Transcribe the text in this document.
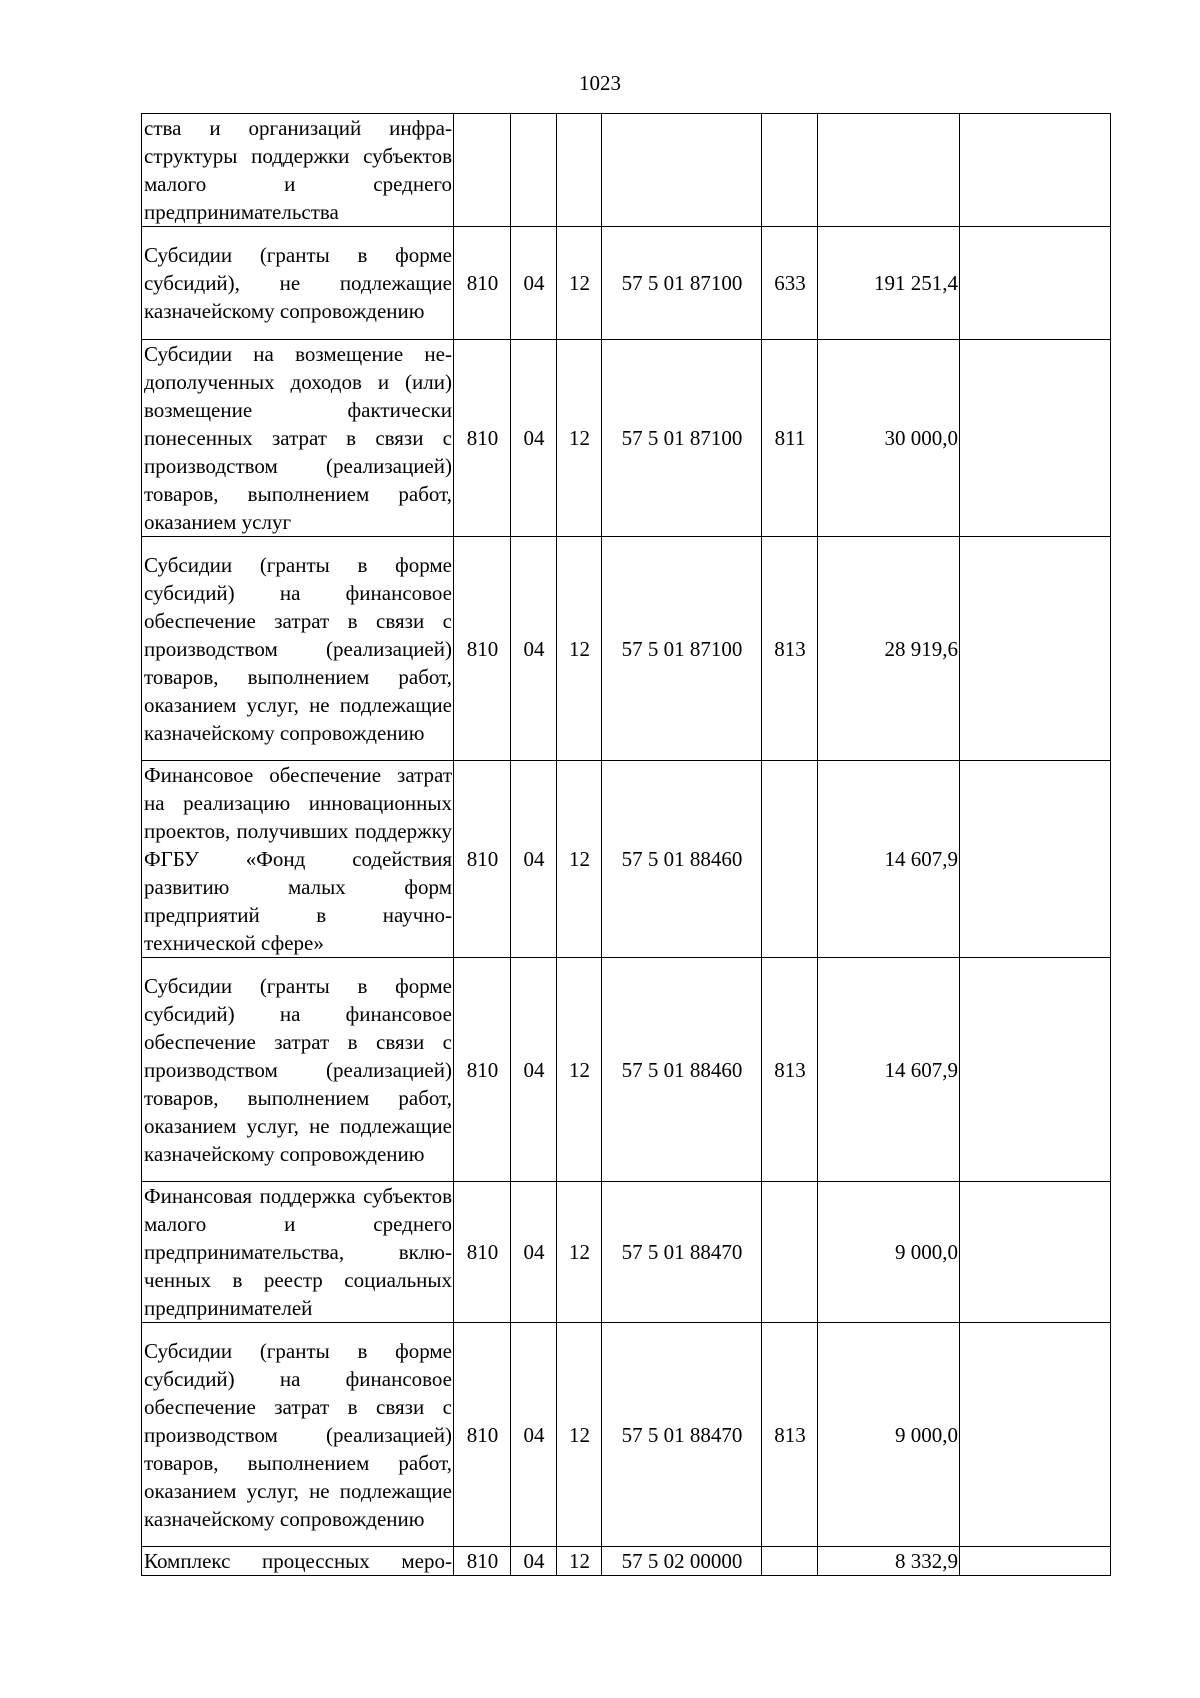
1023
ства и организаций инфраструктуры поддержки субъектов малого и среднего предпринимательства							
Субсидии (гранты в форме субсидий), не подлежащие казначейскому сопровождению	810	04	12	57 5 01 87100	633	191 251,4	
Субсидии на возмещение недополученных доходов и (или) возмещение фактически понесенных затрат в связи с производством (реализацией) товаров, выполнением работ, оказанием услуг	810	04	12	57 5 01 87100	811	30 000,0	
Субсидии (гранты в форме субсидий) на финансовое обеспечение затрат в связи с производством (реализацией) товаров, выполнением работ, оказанием услуг, не подлежащие казначейскому сопровождению	810	04	12	57 5 01 87100	813	28 919,6	
Финансовое обеспечение затрат на реализацию инновационных проектов, получивших поддержку ФГБУ «Фонд содействия развитию малых форм предприятий в научно-технической сфере»	810	04	12	57 5 01 88460		14 607,9	
Субсидии (гранты в форме субсидий) на финансовое обеспечение затрат в связи с производством (реализацией) товаров, выполнением работ, оказанием услуг, не подлежащие казначейскому сопровождению	810	04	12	57 5 01 88460	813	14 607,9	
Финансовая поддержка субъектов малого и среднего предпринимательства, включенных в реестр социальных предпринимателей	810	04	12	57 5 01 88470		9 000,0	
Субсидии (гранты в форме субсидий) на финансовое обеспечение затрат в связи с производством (реализацией) товаров, выполнением работ, оказанием услуг, не подлежащие казначейскому сопровождению	810	04	12	57 5 01 88470	813	9 000,0	
Комплекс процессных меро-	810	04	12	57 5 02 00000		8 332,9	
